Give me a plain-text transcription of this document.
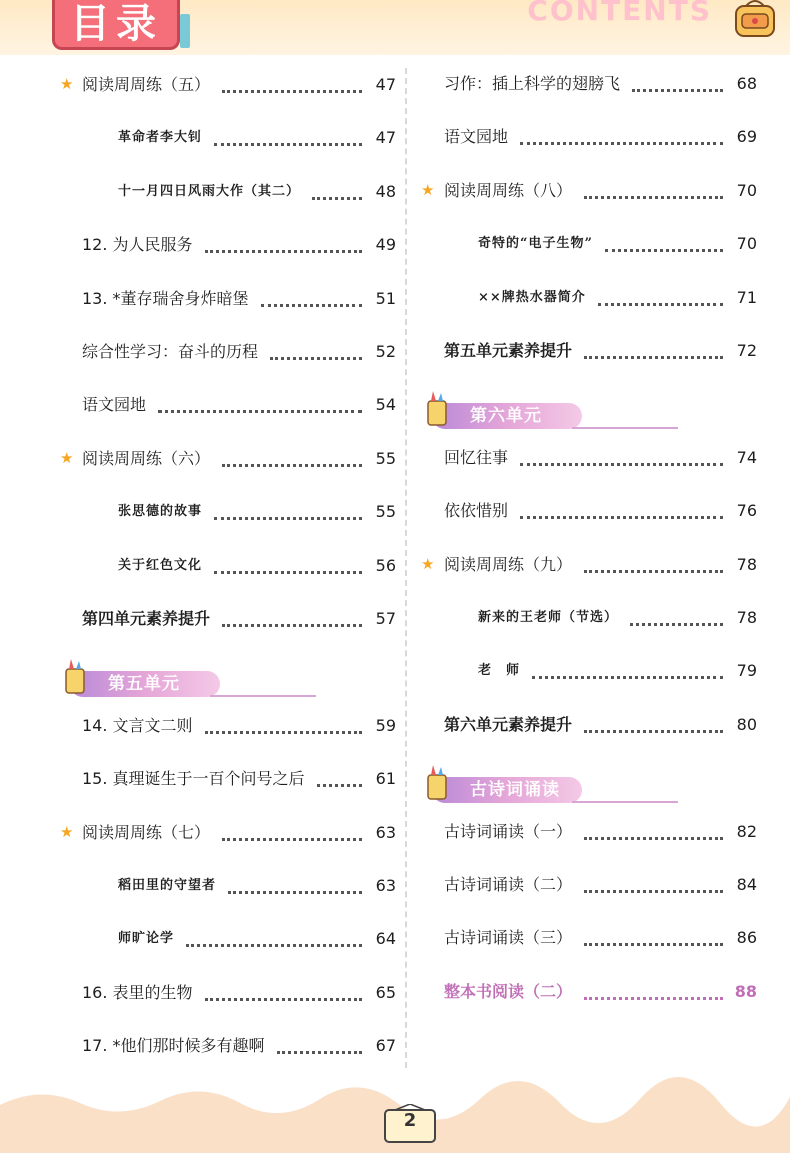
目录	CONTENTS
★ 阅读周周练（五）	47
革命者李大钊	47
十一月四日风雨大作（其二）	48
12. 为人民服务	49
13. *董存瑞舍身炸暗堡	51
综合性学习：奋斗的历程	52
语文园地	54
★ 阅读周周练（六）	55
张思德的故事	55
关于红色文化	56
第四单元素养提升	57
第五单元
14. 文言文二则	59
15. 真理诞生于一百个问号之后	61
★ 阅读周周练（七）	63
稻田里的守望者	63
师旷论学	64
16. 表里的生物	65
17. *他们那时候多有趣啊	67
习作：插上科学的翅膀飞	68
语文园地	69
★ 阅读周周练（八）	70
奇特的“电子生物”	70
××牌热水器简介	71
第五单元素养提升	72
第六单元
回忆往事	74
依依惜别	76
★ 阅读周周练（九）	78
新来的王老师（节选）	78
老　师	79
第六单元素养提升	80
古诗词诵读
古诗词诵读（一）	82
古诗词诵读（二）	84
古诗词诵读（三）	86
整本书阅读（二）	88
2
